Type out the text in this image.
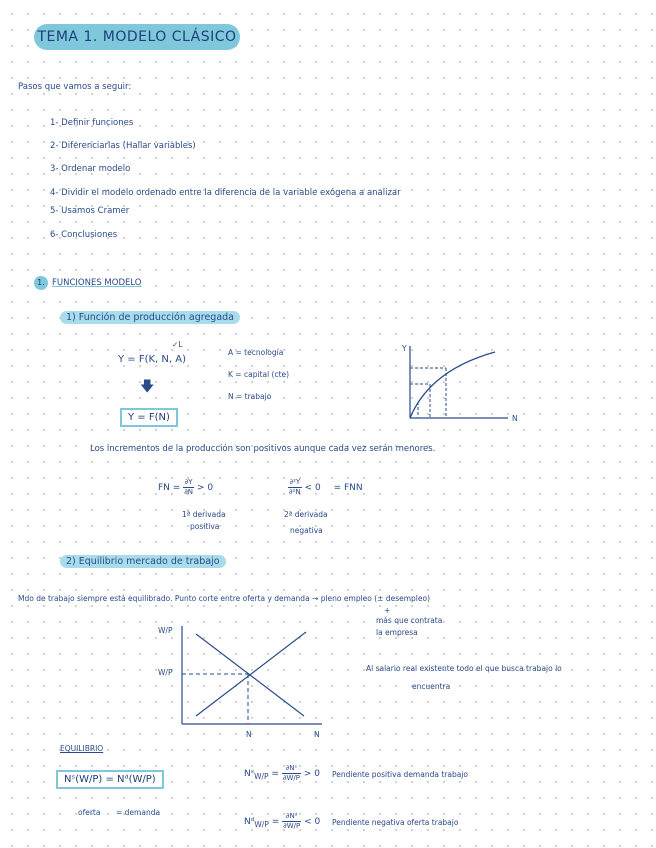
TEMA 1. MODELO CLÁSICO
Pasos que vamos a seguir:
1- Definir funciones
2- Diferenciarlas (Hallar variables)
3- Ordenar modelo
4- Dividir el modelo ordenado entre la diferencia de la variable exógena a analizar
5- Usamos Cramer
6- Conclusiones
1. FUNCIONES MODELO
1) Función de producción agregada
Y = F(K, N, A)
✓L
A = tecnología
K = capital (cte)
N = trabajo
🡇
Y = F(N)
Y
N
Los incrementos de la producción son positivos aunque cada vez serán menores.
FN = $\frac{\partial Y}{\partial N} > 0$	$\frac{\text{∂²Y}}{\text{∂²N}} < 0$ = FNN
1ª derivada
positiva
2ª derivada
negativa
2) Equilibrio mercado de trabajo
Mdo de trabajo siempre está equilibrado. Punto corte entre oferta y demanda → pleno empleo (± desempleo)
+
más que contrata
la empresa
W/P
W/P
N	N
Al salario real existente todo el que busca trabajo lo
encuentra
EQUILIBRIO
Nˢ(W/P) = Nᵈ(W/P)
oferta = demanda
Nˢ$_{W/P}$ = $\frac{\text{∂Nˢ}}{\partial W/P} > 0$ Pendiente positiva demanda trabajo
Nᵈ$_{W/P}$ = $\frac{\text{∂Nᵈ}}{\partial W/P} < 0$ Pendiente negativa oferta trabajo
